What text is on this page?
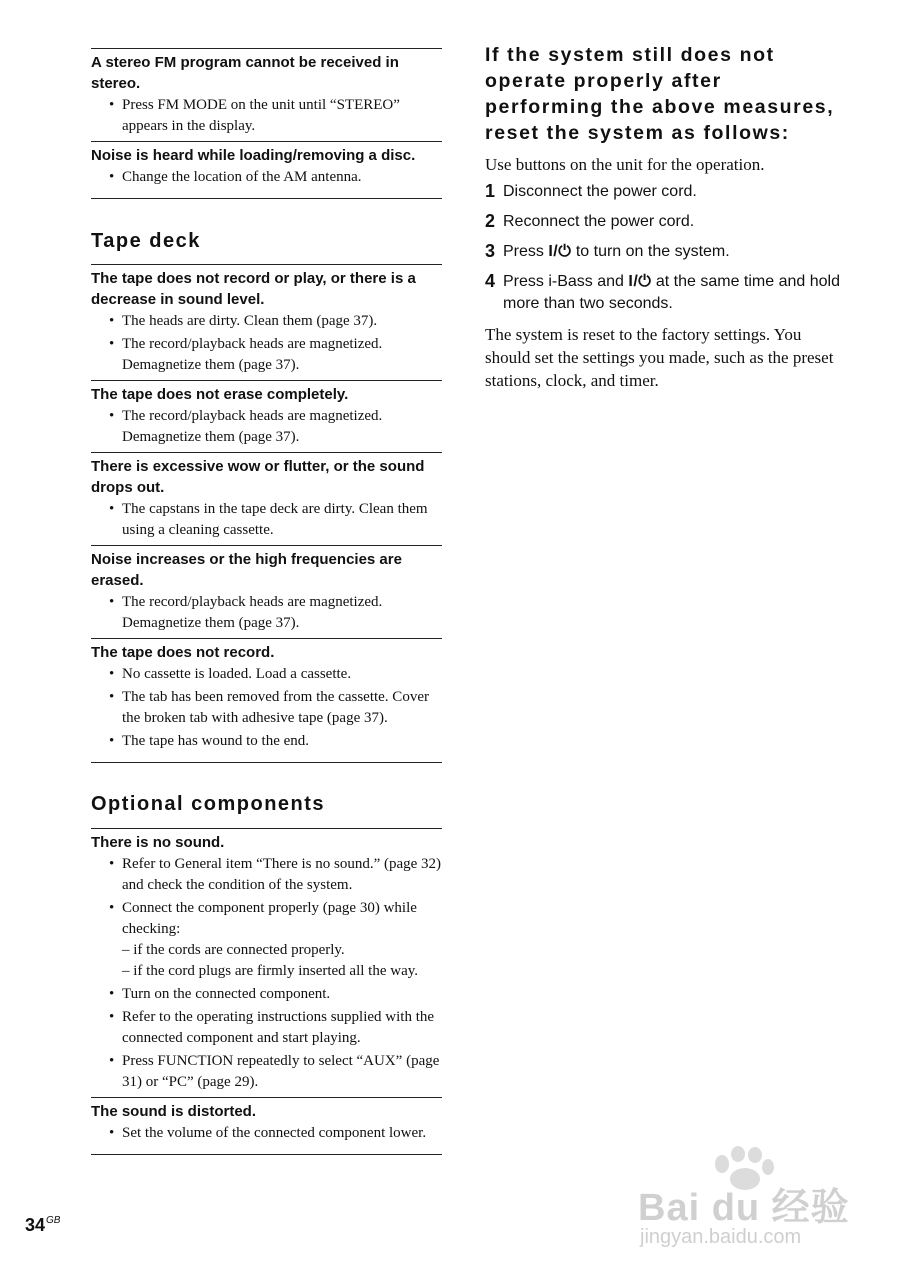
A stereo FM program cannot be received in stereo.

• Press FM MODE on the unit until “STEREO” appears in the display.

Noise is heard while loading/removing a disc.

• Change the location of the AM antenna.
Tape deck

The tape does not record or play, or there is a decrease in sound level.

• The heads are dirty. Clean them (page 37).
• The record/playback heads are magnetized. Demagnetize them (page 37).

The tape does not erase completely.

• The record/playback heads are magnetized. Demagnetize them (page 37).

There is excessive wow or flutter, or the sound drops out.

• The capstans in the tape deck are dirty. Clean them using a cleaning cassette.

Noise increases or the high frequencies are erased.

• The record/playback heads are magnetized. Demagnetize them (page 37).

The tape does not record.

• No cassette is loaded. Load a cassette.
• The tab has been removed from the cassette. Cover the broken tab with adhesive tape (page 37).
• The tape has wound to the end.
Optional components

There is no sound.

• Refer to General item “There is no sound.” (page 32) and check the condition of the system.
• Connect the component properly (page 30) while checking:
– if the cords are connected properly.
– if the cord plugs are firmly inserted all the way.
• Turn on the connected component.
• Refer to the operating instructions supplied with the connected component and start playing.
• Press FUNCTION repeatedly to select “AUX” (page 31) or “PC” (page 29).

The sound is distorted.

• Set the volume of the connected component lower.
If the system still does not operate properly after performing the above measures, reset the system as follows:

Use buttons on the unit for the operation.

1 Disconnect the power cord.
2 Reconnect the power cord.
3 Press I/⏻ to turn on the system.
4 Press i-Bass and I/⏻ at the same time and hold more than two seconds.

The system is reset to the factory settings. You should set the settings you made, such as the preset stations, clock, and timer.

$34^{GB}$	Bai du 经验
jingyan.baidu.com
